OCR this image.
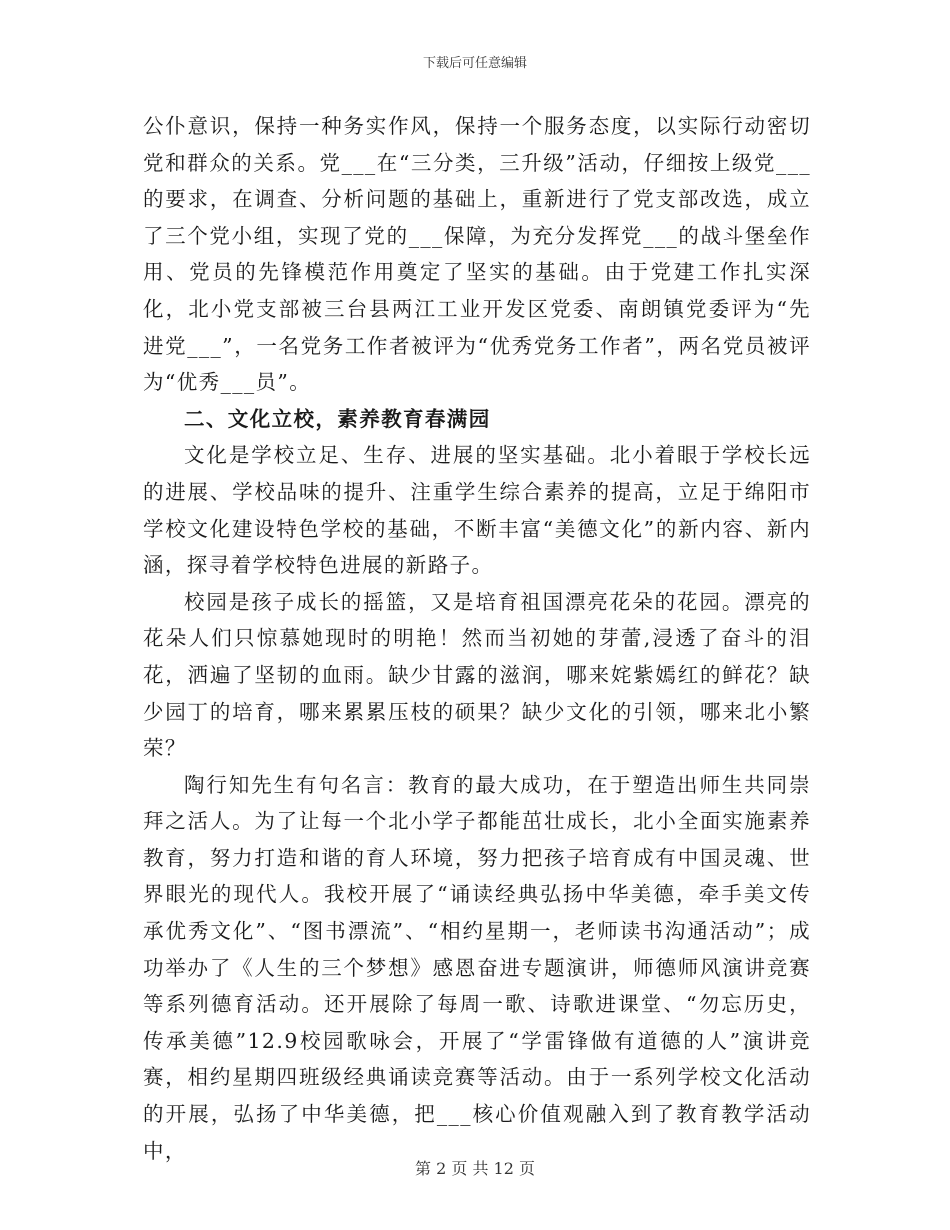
下载后可任意编辑

公仆意识，保持一种务实作风，保持一个服务态度，以实际行动密切党和群众的关系。党___在“三分类，三升级”活动，仔细按上级党___的要求，在调查、分析问题的基础上，重新进行了党支部改选，成立了三个党小组，实现了党的___保障，为充分发挥党___的战斗堡垒作用、党员的先锋模范作用奠定了坚实的基础。由于党建工作扎实深化，北小党支部被三台县两江工业开发区党委、南朗镇党委评为“先进党___”，一名党务工作者被评为“优秀党务工作者”，两名党员被评为“优秀___员”。

二、文化立校，素养教育春满园

文化是学校立足、生存、进展的坚实基础。北小着眼于学校长远的进展、学校品味的提升、注重学生综合素养的提高，立足于绵阳市学校文化建设特色学校的基础，不断丰富“美德文化”的新内容、新内涵，探寻着学校特色进展的新路子。

校园是孩子成长的摇篮，又是培育祖国漂亮花朵的花园。漂亮的花朵人们只惊慕她现时的明艳！然而当初她的芽蕾,浸透了奋斗的泪花，洒遍了坚韧的血雨。缺少甘露的滋润，哪来姹紫嫣红的鲜花？缺少园丁的培育，哪来累累压枝的硕果？缺少文化的引领，哪来北小繁荣？

陶行知先生有句名言：教育的最大成功，在于塑造出师生共同崇拜之活人。为了让每一个北小学子都能茁壮成长，北小全面实施素养教育，努力打造和谐的育人环境，努力把孩子培育成有中国灵魂、世界眼光的现代人。我校开展了“诵读经典弘扬中华美德，牵手美文传承优秀文化”、“图书漂流”、“相约星期一，老师读书沟通活动”；成功举办了《人生的三个梦想》感恩奋进专题演讲，师德师风演讲竞赛等系列德育活动。还开展除了每周一歌、诗歌进课堂、“勿忘历史，传承美德”12.9校园歌咏会，开展了“学雷锋做有道德的人”演讲竞赛，相约星期四班级经典诵读竞赛等活动。由于一系列学校文化活动的开展，弘扬了中华美德，把___核心价值观融入到了教育教学活动中，

第 2 页 共 12 页
